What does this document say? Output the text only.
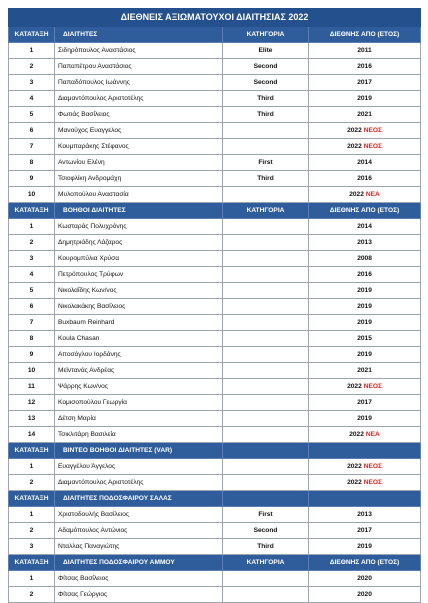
ΔΙΕΘΝΕΙΣ ΑΞΙΩΜΑΤΟΥΧΟΙ ΔΙΑΙΤΗΣΙΑΣ 2022			
ΚΑΤΑΤΑΞΗ	ΔΙΑΙΤΗΤΕΣ	ΚΑΤΗΓΟΡΙΑ	ΔΙΕΘΝΗΣ ΑΠΟ (ΕΤΟΣ)
1	Σιδηρόπουλος Αναστάσιος	Elite	2011
2	Παπαπέτρου Αναστάσιος	Second	2016
3	Παπαδόπουλος Ιωάννης	Second	2017
4	Διαμαντόπουλος Αριστοτέλης	Third	2019
5	Φωτιάς Βασίλειος	Third	2021
6	Μανούχος Ευαγγελος		2022 ΝΕΟΣ
7	Κουμπαράκης Στέφανος		2022 ΝΕΟΣ
8	Αντωνίου Ελένη	First	2014
9	Τσιοφλίκη Ανδρομάχη	Third	2016
10	Μυλοπούλου Αναστασία		2022 ΝΕΑ
ΚΑΤΑΤΑΞΗ	ΒΟΗΘΟΙ ΔΙΑΙΤΗΤΕΣ	ΚΑΤΗΓΟΡΙΑ	ΔΙΕΘΝΗΣ ΑΠΟ (ΕΤΟΣ)
1	Κωσταράς Πολυχρόνης		2014
2	Δημητριάδης Λάζαρος		2013
3	Κουρομπύλια Χρύσα		2008
4	Πετρόπουλος Τρύφων		2016
5	Νικολαΐδης Κων/νος		2019
6	Νικολακάκης Βασίλειος		2019
7	Buxbaum Reinhard		2019
8	Koula Chasan		2015
9	Αποσόγλου Ιορδάνης		2019
10	Μεϊντανάς Ανδρέας		2021
11	Ψάρρης Κων/νος		2022 ΝΕΟΣ
12	Κομισοπούλου Γεωργία		2017
13	Δέτση Μαρία		2019
14	Τσικλιτάρη Βασιλεία		2022 ΝΕΑ
ΚΑΤΑΤΑΞΗ	ΒΙΝΤΕΟ ΒΟΗΘΟΙ ΔΙΑΙΤΗΤΕΣ (VAR)		
1	Ευαγγέλου Άγγελος		2022 ΝΕΟΣ
2	Διαμαντόπουλος Αριστοτέλης		2022 ΝΕΟΣ
ΚΑΤΑΤΑΞΗ	ΔΙΑΙΤΗΤΕΣ ΠΟΔΟΣΦΑΙΡΟΥ ΣΑΛΑΣ		
1	Χριστοδουλής Βασίλειος	First	2013
2	Αδαμόπουλος Αντώνιος	Second	2017
3	Νταλλας Παναγιώτης	Third	2019
ΚΑΤΑΤΑΞΗ	ΔΙΑΙΤΗΤΕΣ ΠΟΔΟΣΦΑΙΡΟΥ ΑΜΜΟΥ	ΚΑΤΗΓΟΡΙΑ	ΔΙΕΘΝΗΣ ΑΠΟ (ΕΤΟΣ)
1	Φίτσας Βασίλειος		2020
2	Φίτσας Γεώργιος		2020
